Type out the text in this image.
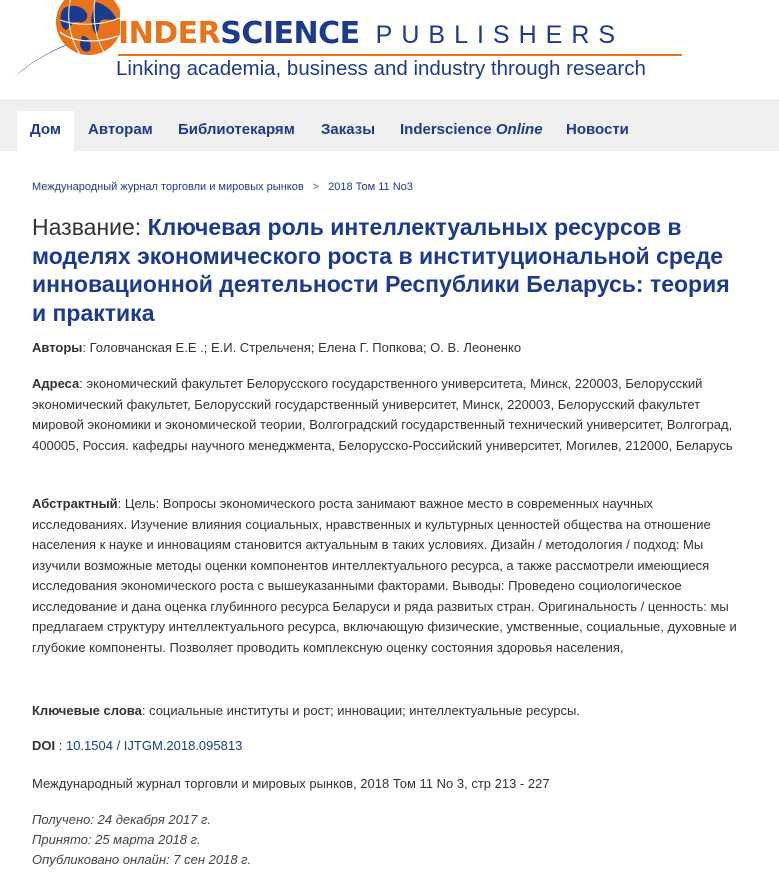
INDERSCIENCE PUBLISHERS
Linking academia, business and industry through research
Дом	Авторам Библиотекарям Заказы Inderscience Online Новости
Международный журнал торговли и мировых рынков > 2018 Том 11 No3
Название: Ключевая роль интеллектуальных ресурсов в моделях экономического роста в институциональной среде инновационной деятельности Республики Беларусь: теория и практика
Авторы: Головчанская Е.Е .; Е.И. Стрельченя; Елена Г. Попкова; О. В. Леоненко
Адреса: экономический факультет Белорусского государственного университета, Минск, 220003, Белорусский экономический факультет, Белорусский государственный университет, Минск, 220003, Белорусский факультет мировой экономики и экономической теории, Волгоградский государственный технический университет, Волгоград, 400005, Россия. кафедры научного менеджмента, Белорусско-Российский университет, Могилев, 212000, Беларусь
Абстрактный: Цель: Вопросы экономического роста занимают важное место в современных научных исследованиях. Изучение влияния социальных, нравственных и культурных ценностей общества на отношение населения к науке и инновациям становится актуальным в таких условиях. Дизайн / методология / подход: Мы изучили возможные методы оценки компонентов интеллектуального ресурса, а также рассмотрели имеющиеся исследования экономического роста с вышеуказанными факторами. Выводы: Проведено социологическое исследование и дана оценка глубинного ресурса Беларуси и ряда развитых стран. Оригинальность / ценность: мы предлагаем структуру интеллектуального ресурса, включающую физические, умственные, социальные, духовные и глубокие компоненты. Позволяет проводить комплексную оценку состояния здоровья населения,
Ключевые слова: социальные институты и рост; инновации; интеллектуальные ресурсы.
DOI : 10.1504 / IJTGM.2018.095813
Международный журнал торговли и мировых рынков, 2018 Том 11 No 3, стр 213 - 227
Получено: 24 декабря 2017 г.
Принято: 25 марта 2018 г.
Опубликовано онлайн: 7 сен 2018 г.
